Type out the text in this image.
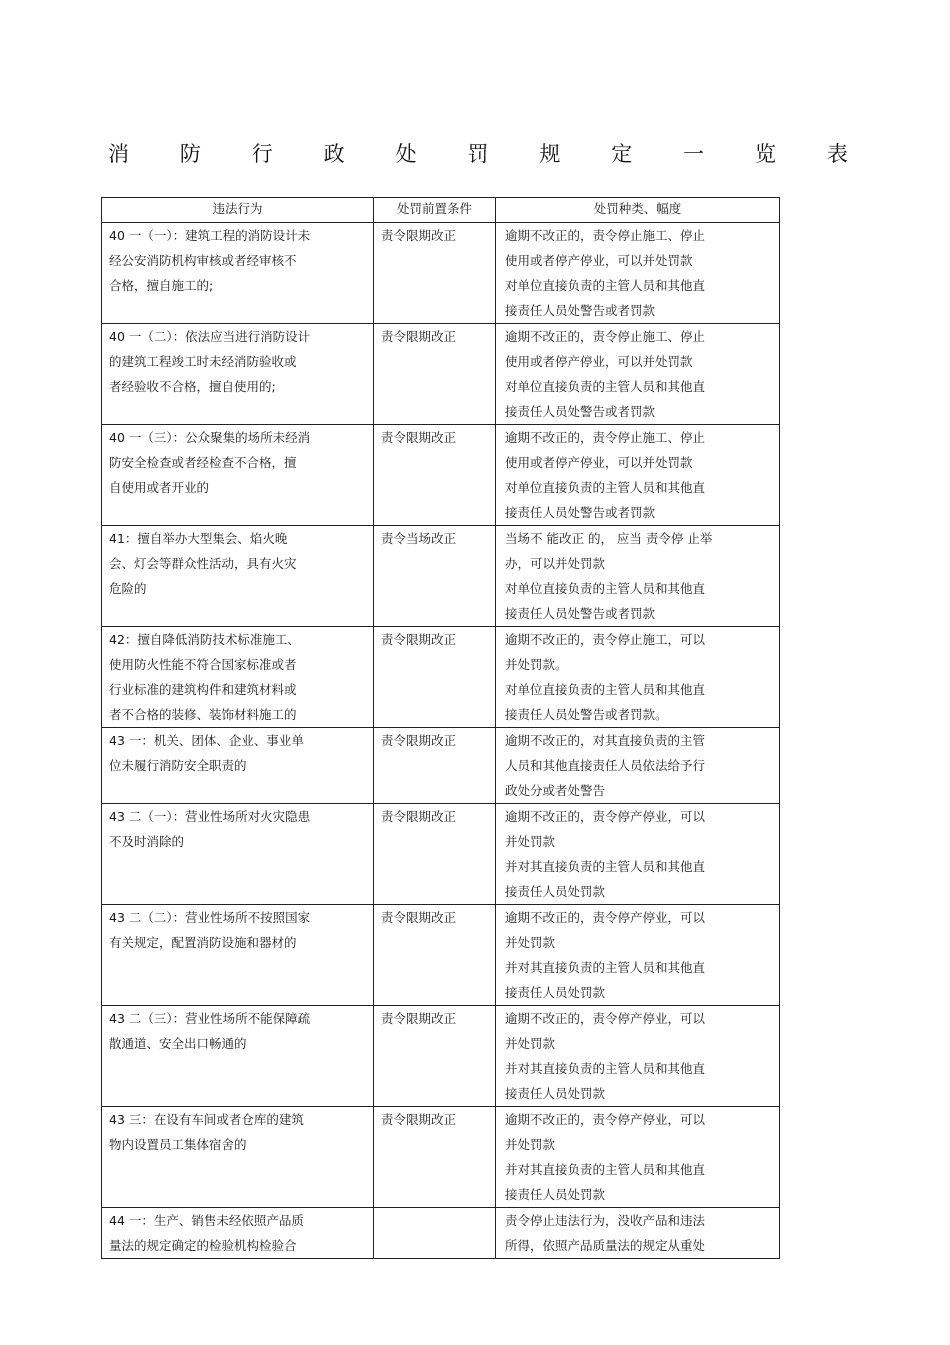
消 防 行 政 处 罚 规 定 一 览 表
违法行为	处罚前置条件	处罚种类、幅度

40 一（一）：建筑工程的消防设计未
经公安消防机构审核或者经审核不
合格，擅自施工的;	责令限期改正	逾期不改正的，责令停止施工、停止
使用或者停产停业，可以并处罚款
对单位直接负责的主管人员和其他直
接责任人员处警告或者罚款

40 一（二）：依法应当进行消防设计
的建筑工程竣工时未经消防验收或
者经验收不合格，擅自使用的;	责令限期改正	逾期不改正的，责令停止施工、停止
使用或者停产停业，可以并处罚款
对单位直接负责的主管人员和其他直
接责任人员处警告或者罚款

40 一（三）：公众聚集的场所未经消
防安全检查或者经检查不合格，擅
自使用或者开业的	责令限期改正	逾期不改正的，责令停止施工、停止
使用或者停产停业，可以并处罚款
对单位直接负责的主管人员和其他直
接责任人员处警告或者罚款

41：擅自举办大型集会、焰火晚
会、灯会等群众性活动，具有火灾
危险的	责令当场改正	当场不 能改正 的， 应当 责令停 止举
办，可以并处罚款
对单位直接负责的主管人员和其他直
接责任人员处警告或者罚款

42：擅自降低消防技术标准施工、
使用防火性能不符合国家标准或者
行业标准的建筑构件和建筑材料或
者不合格的装修、装饰材料施工的	责令限期改正	逾期不改正的，责令停止施工，可以
并处罚款。
对单位直接负责的主管人员和其他直
接责任人员处警告或者罚款。

43 一：机关、团体、企业、事业单
位未履行消防安全职责的	责令限期改正	逾期不改正的，对其直接负责的主管
人员和其他直接责任人员依法给予行
政处分或者处警告

43 二（一）：营业性场所对火灾隐患
不及时消除的	责令限期改正	逾期不改正的，责令停产停业，可以
并处罚款
并对其直接负责的主管人员和其他直
接责任人员处罚款

43 二（二）：营业性场所不按照国家
有关规定，配置消防设施和器材的	责令限期改正	逾期不改正的，责令停产停业，可以
并处罚款
并对其直接负责的主管人员和其他直
接责任人员处罚款

43 二（三）：营业性场所不能保障疏
散通道、安全出口畅通的	责令限期改正	逾期不改正的，责令停产停业，可以
并处罚款
并对其直接负责的主管人员和其他直
接责任人员处罚款

43 三：在设有车间或者仓库的建筑
物内设置员工集体宿舍的	责令限期改正	逾期不改正的，责令停产停业，可以
并处罚款
并对其直接负责的主管人员和其他直
接责任人员处罚款

44 一：生产、销售未经依照产品质
量法的规定确定的检验机构检验合		责令停止违法行为，没收产品和违法
所得，依照产品质量法的规定从重处
